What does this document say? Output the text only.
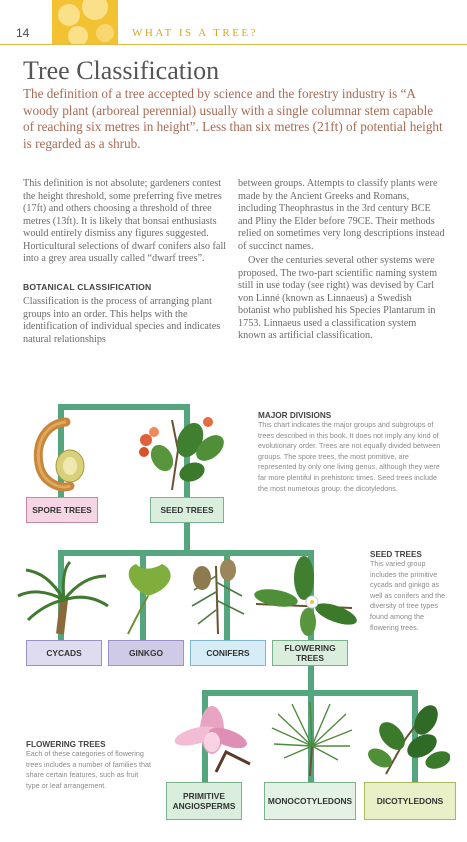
14	WHAT IS A TREE?
Tree Classification
The definition of a tree accepted by science and the forestry industry is “A woody plant (arboreal perennial) usually with a single columnar stem capable of reaching six metres in height”. Less than six metres (21ft) of potential height is regarded as a shrub.

This definition is not absolute; gardeners contest the height threshold, some preferring five metres (17ft) and others choosing a threshold of three metres (13ft). It is likely that bonsai enthusiasts would entirely dismiss any figures suggested. Horticultural selections of dwarf conifers also fall into a grey area usually called “dwarf trees”.

BOTANICAL CLASSIFICATION

Classification is the process of arranging plant groups into an order. This helps with the identification of individual species and indicates natural relationships

between groups. Attempts to classify plants were made by the Ancient Greeks and Romans, including Theophrastus in the 3rd century BCE and Pliny the Elder before 79CE. Their methods relied on sometimes very long descriptions instead of succinct names.

Over the centuries several other systems were proposed. The two-part scientific naming system still in use today (see right) was devised by Carl von Linné (known as Linnaeus) a Swedish botanist who published his Species Plantarum in 1753. Linnaeus used a classification system known as artificial classification.

SPORE TREES	SEED TREES
CYCADS	GINKGO	CONIFERS	FLOWERING TREES
PRIMITIVE ANGIOSPERMS	MONOCOTYLEDONS	DICOTYLEDONS
MAJOR DIVISIONS
This chart indicates the major groups and subgroups of trees described in this book. It does not imply any kind of evolutionary order. Trees are not equally divided between groups. The spore trees, the most primitive, are represented by only one living genus, although they were far more plentiful in prehistoric times. Seed trees include the most numerous group: the dicotyledons.
SEED TREES
This varied group includes the primitive cycads and ginkgo as well as conifers and the diversity of tree types found among the flowering trees.
FLOWERING TREES
Each of these categories of flowering trees includes a number of families that share certain features, such as fruit type or leaf arrangement.
